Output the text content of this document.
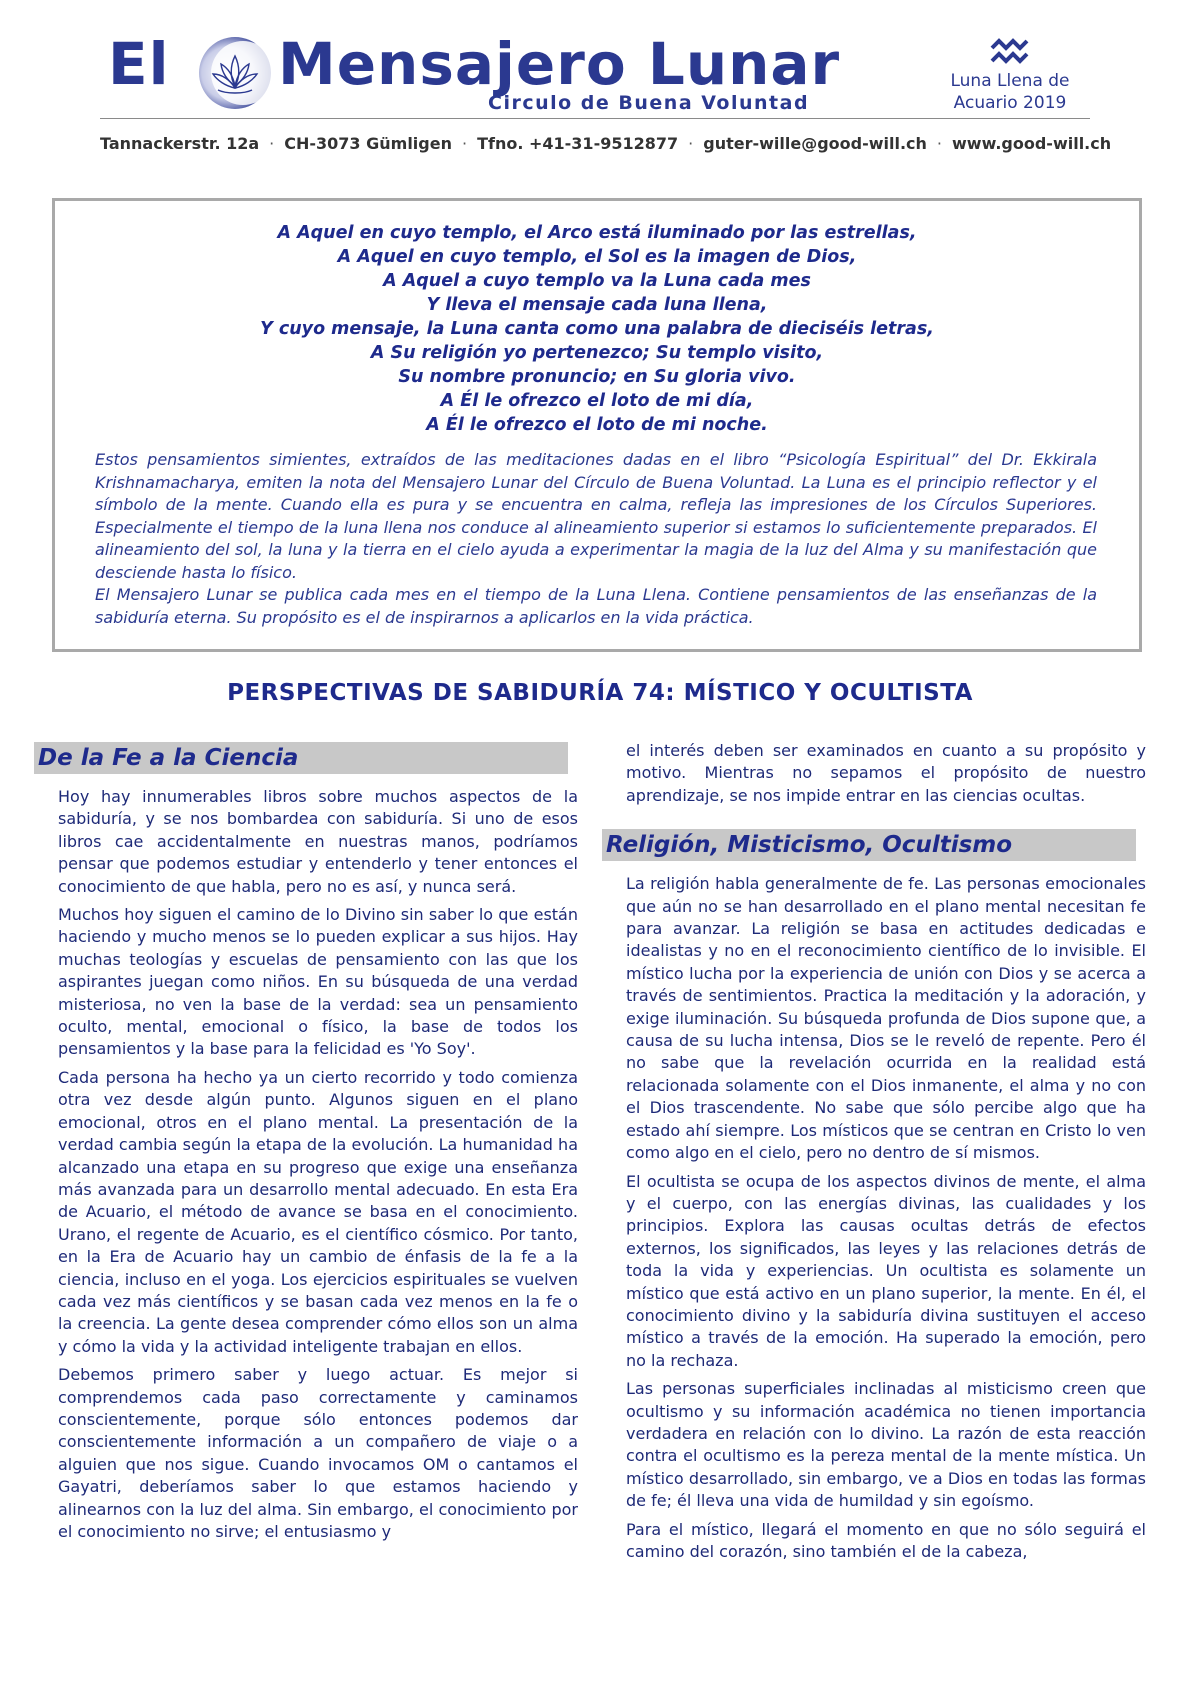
El Mensajero Lunar
Circulo de Buena Voluntad
Luna Llena de
Acuario 2019
Tannackerstr. 12a · CH-3073 Gümligen · Tfno. +41-31-9512877 · guter-wille@good-will.ch · www.good-will.ch
A Aquel en cuyo templo, el Arco está iluminado por las estrellas,
A Aquel en cuyo templo, el Sol es la imagen de Dios,
A Aquel a cuyo templo va la Luna cada mes
Y lleva el mensaje cada luna llena,
Y cuyo mensaje, la Luna canta como una palabra de dieciséis letras,
A Su religión yo pertenezco; Su templo visito,
Su nombre pronuncio; en Su gloria vivo.
A Él le ofrezco el loto de mi día,
A Él le ofrezco el loto de mi noche.

Estos pensamientos simientes, extraídos de las meditaciones dadas en el libro “Psicología Espiritual” del Dr. Ekkirala Krishnamacharya, emiten la nota del Mensajero Lunar del Círculo de Buena Voluntad. La Luna es el principio reflector y el símbolo de la mente. Cuando ella es pura y se encuentra en calma, refleja las impresiones de los Círculos Superiores. Especialmente el tiempo de la luna llena nos conduce al alineamiento superior si estamos lo suficientemente preparados. El alineamiento del sol, la luna y la tierra en el cielo ayuda a experimentar la magia de la luz del Alma y su manifestación que desciende hasta lo físico.

El Mensajero Lunar se publica cada mes en el tiempo de la Luna Llena. Contiene pensamientos de las enseñanzas de la sabiduría eterna. Su propósito es el de inspirarnos a aplicarlos en la vida práctica.

PERSPECTIVAS DE SABIDURÍA 74: MÍSTICO Y OCULTISTA
De la Fe a la Ciencia

Hoy hay innumerables libros sobre muchos aspectos de la sabiduría, y se nos bombardea con sabiduría. Si uno de esos libros cae accidentalmente en nuestras manos, podríamos pensar que podemos estudiar y entenderlo y tener entonces el conocimiento de que habla, pero no es así, y nunca será.

Muchos hoy siguen el camino de lo Divino sin saber lo que están haciendo y mucho menos se lo pueden explicar a sus hijos. Hay muchas teologías y escuelas de pensamiento con las que los aspirantes juegan como niños. En su búsqueda de una verdad misteriosa, no ven la base de la verdad: sea un pensamiento oculto, mental, emocional o físico, la base de todos los pensamientos y la base para la felicidad es 'Yo Soy'.

Cada persona ha hecho ya un cierto recorrido y todo comienza otra vez desde algún punto. Algunos siguen en el plano emocional, otros en el plano mental. La presentación de la verdad cambia según la etapa de la evolución. La humanidad ha alcanzado una etapa en su progreso que exige una enseñanza más avanzada para un desarrollo mental adecuado. En esta Era de Acuario, el método de avance se basa en el conocimiento. Urano, el regente de Acuario, es el científico cósmico. Por tanto, en la Era de Acuario hay un cambio de énfasis de la fe a la ciencia, incluso en el yoga. Los ejercicios espirituales se vuelven cada vez más científicos y se basan cada vez menos en la fe o la creencia. La gente desea comprender cómo ellos son un alma y cómo la vida y la actividad inteligente trabajan en ellos.

Debemos primero saber y luego actuar. Es mejor si comprendemos cada paso correctamente y caminamos conscientemente, porque sólo entonces podemos dar conscientemente información a un compañero de viaje o a alguien que nos sigue. Cuando invocamos OM o cantamos el Gayatri, deberíamos saber lo que estamos haciendo y alinearnos con la luz del alma. Sin embargo, el conocimiento por el conocimiento no sirve; el entusiasmo y

el interés deben ser examinados en cuanto a su propósito y motivo. Mientras no sepamos el propósito de nuestro aprendizaje, se nos impide entrar en las ciencias ocultas.

Religión, Misticismo, Ocultismo

La religión habla generalmente de fe. Las personas emocionales que aún no se han desarrollado en el plano mental necesitan fe para avanzar. La religión se basa en actitudes dedicadas e idealistas y no en el reconocimiento científico de lo invisible. El místico lucha por la experiencia de unión con Dios y se acerca a través de sentimientos. Practica la meditación y la adoración, y exige iluminación. Su búsqueda profunda de Dios supone que, a causa de su lucha intensa, Dios se le reveló de repente. Pero él no sabe que la revelación ocurrida en la realidad está relacionada solamente con el Dios inmanente, el alma y no con el Dios trascendente. No sabe que sólo percibe algo que ha estado ahí siempre. Los místicos que se centran en Cristo lo ven como algo en el cielo, pero no dentro de sí mismos.

El ocultista se ocupa de los aspectos divinos de mente, el alma y el cuerpo, con las energías divinas, las cualidades y los principios. Explora las causas ocultas detrás de efectos externos, los significados, las leyes y las relaciones detrás de toda la vida y experiencias. Un ocultista es solamente un místico que está activo en un plano superior, la mente. En él, el conocimiento divino y la sabiduría divina sustituyen el acceso místico a través de la emoción. Ha superado la emoción, pero no la rechaza.

Las personas superficiales inclinadas al misticismo creen que ocultismo y su información académica no tienen importancia verdadera en relación con lo divino. La razón de esta reacción contra el ocultismo es la pereza mental de la mente mística. Un místico desarrollado, sin embargo, ve a Dios en todas las formas de fe; él lleva una vida de humildad y sin egoísmo.

Para el místico, llegará el momento en que no sólo seguirá el camino del corazón, sino también el de la cabeza,
